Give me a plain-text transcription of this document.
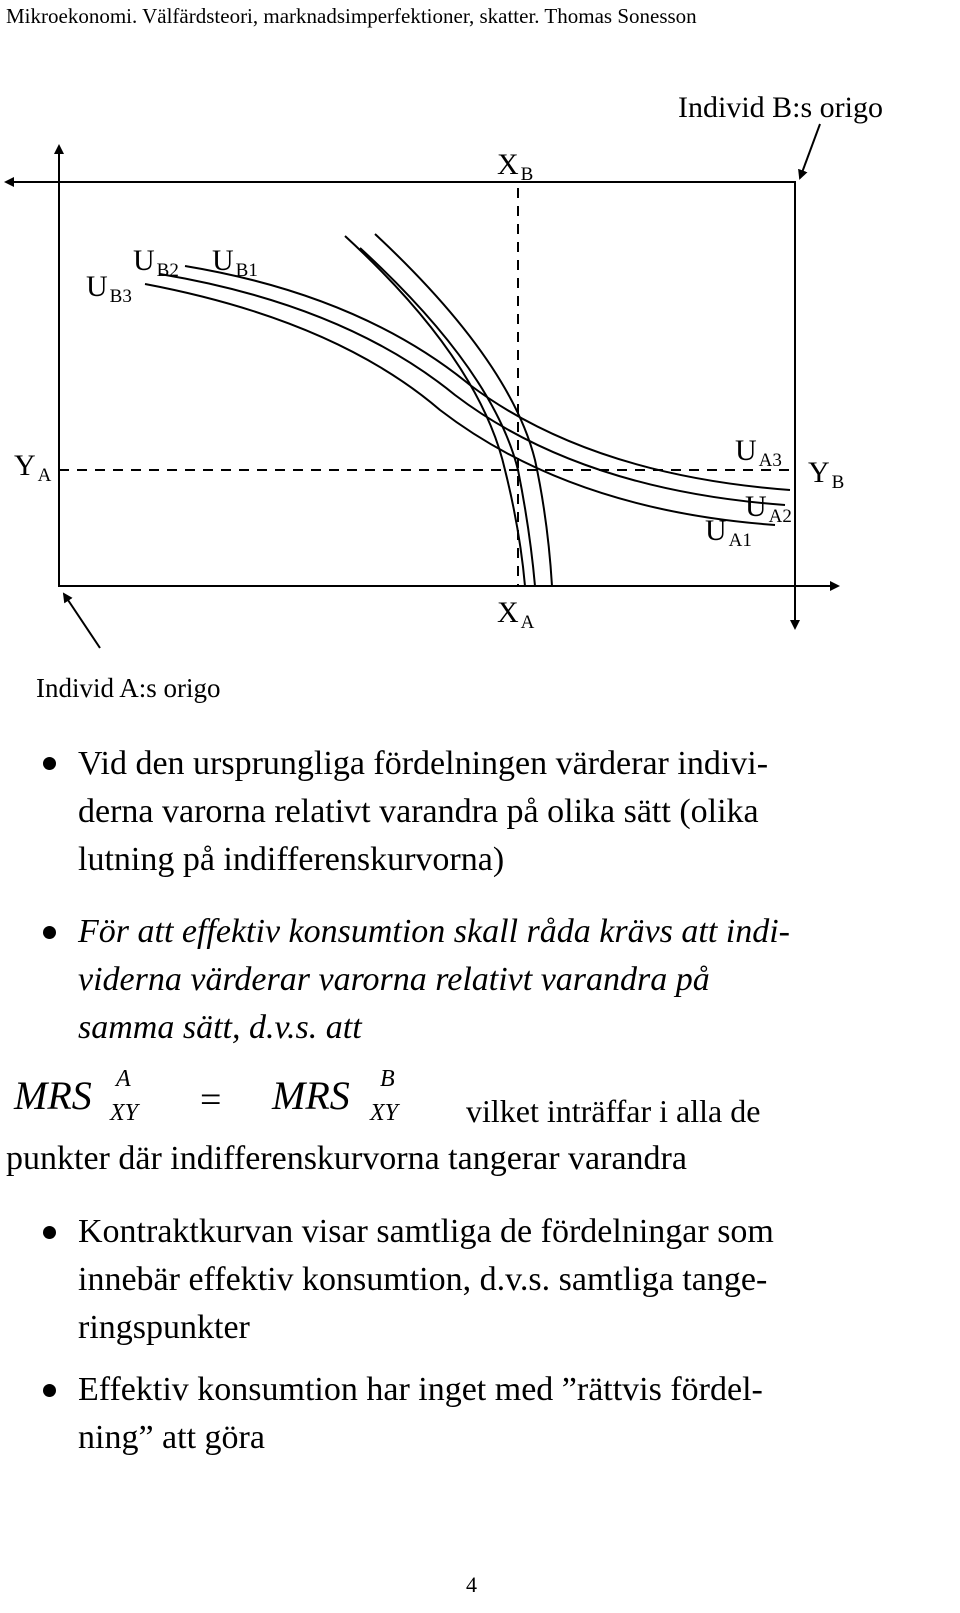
Mikroekonomi. Välfärdsteori, marknadsimperfektioner, skatter. Thomas Sonesson
Individ B:s origo
Individ A:s origo
X $_B$
X $_A$
Y $_A$	Y $_B$
U $_{B3}$
U $_{B2}$ U $_{B1}$
U $_{A3}$
U $_{A2}$
U $_{A1}$
Vid den ursprungliga fördelningen värderar indivi-
derna varorna relativt varandra på olika sätt (olika
lutning på indifferenskurvorna)
För att effektiv konsumtion skall råda krävs att indi-
viderna värderar varorna relativt varandra på
samma sätt, d.v.s. att
MRS A
XY = MRS B
XY vilket inträffar i alla de
punkter där indifferenskurvorna tangerar varandra
Kontraktkurvan visar samtliga de fördelningar som
innebär effektiv konsumtion, d.v.s. samtliga tange-
ringspunkter
Effektiv konsumtion har inget med ”rättvis fördel-
ning” att göra
4
